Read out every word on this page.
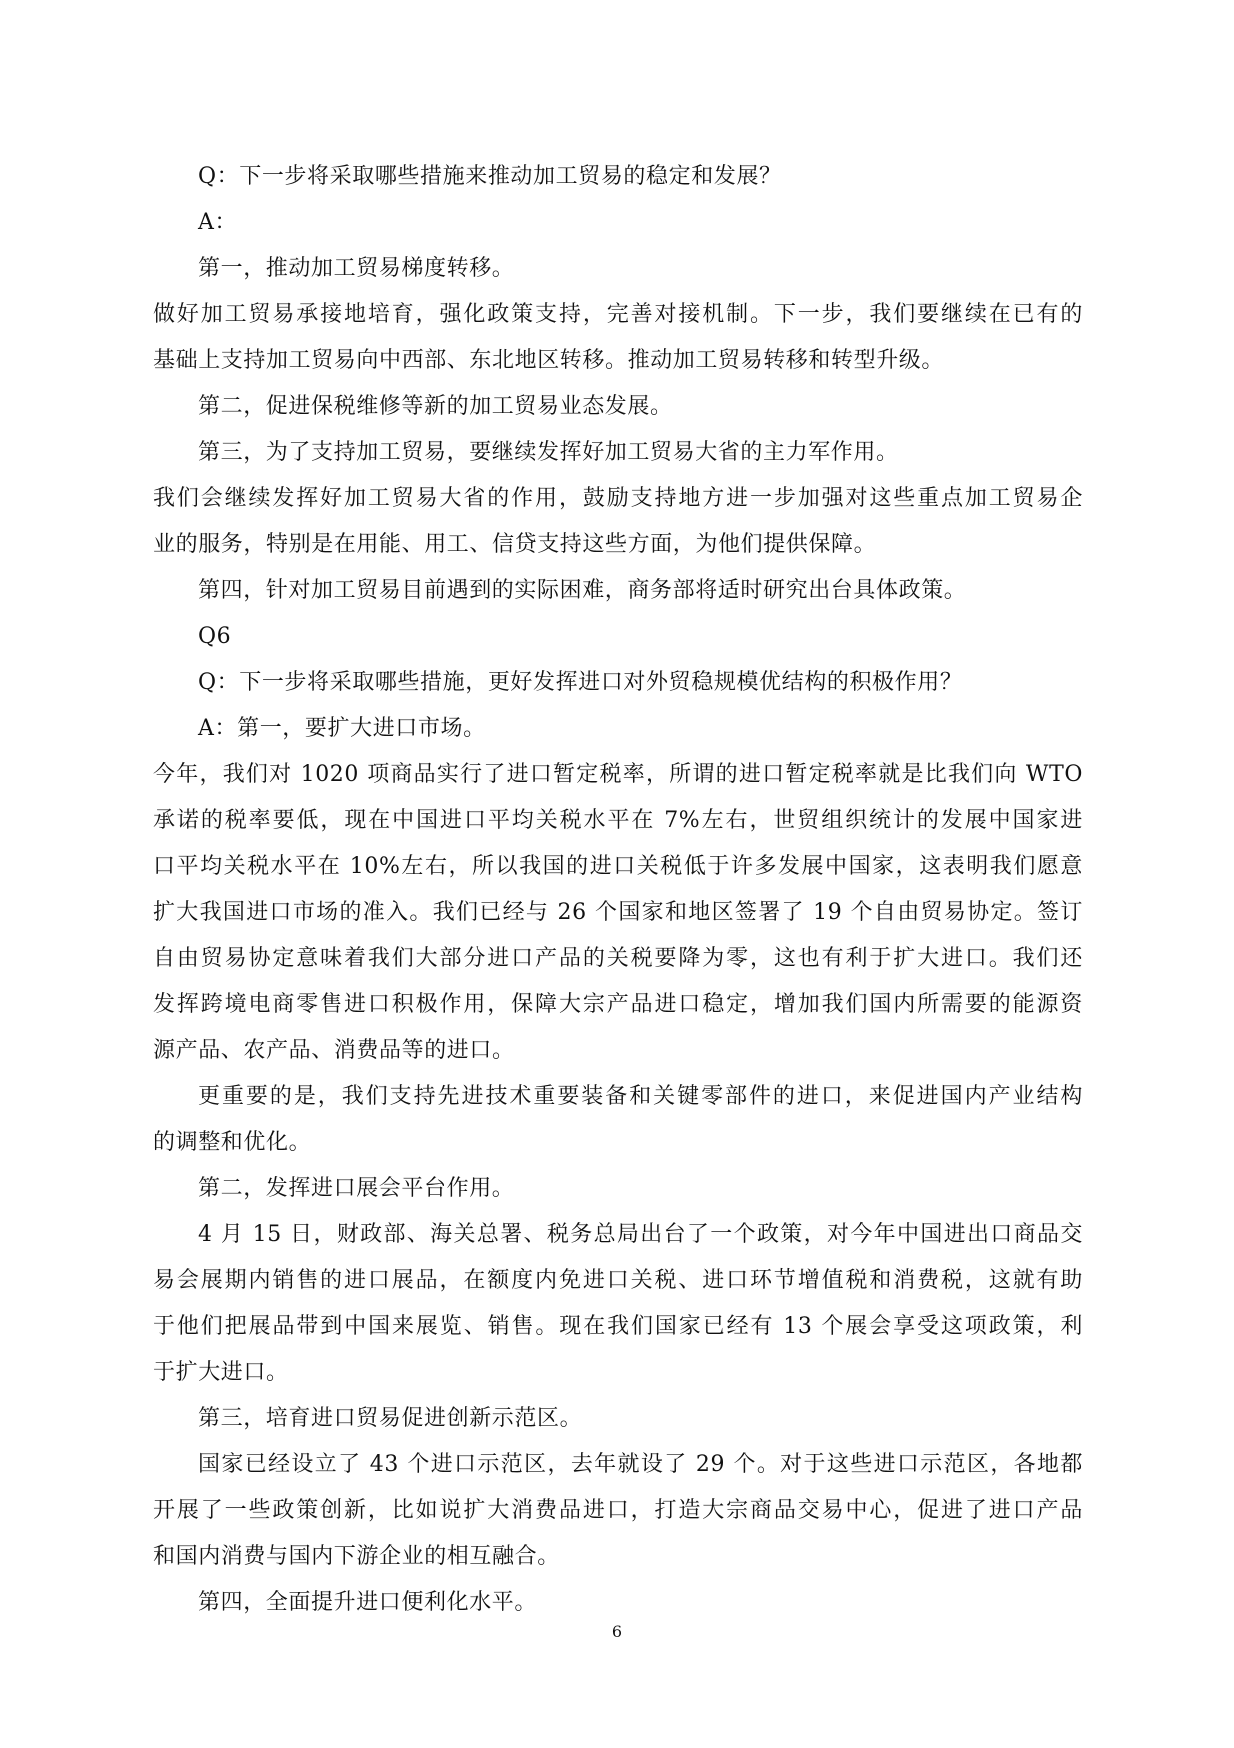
Q：下一步将采取哪些措施来推动加工贸易的稳定和发展？
A：
第一，推动加工贸易梯度转移。
做好加工贸易承接地培育，强化政策支持，完善对接机制。下一步，我们要继续在已有的
基础上支持加工贸易向中西部、东北地区转移。推动加工贸易转移和转型升级。
第二，促进保税维修等新的加工贸易业态发展。
第三，为了支持加工贸易，要继续发挥好加工贸易大省的主力军作用。
我们会继续发挥好加工贸易大省的作用，鼓励支持地方进一步加强对这些重点加工贸易企
业的服务，特别是在用能、用工、信贷支持这些方面，为他们提供保障。
第四，针对加工贸易目前遇到的实际困难，商务部将适时研究出台具体政策。
Q6
Q：下一步将采取哪些措施，更好发挥进口对外贸稳规模优结构的积极作用？
A：第一，要扩大进口市场。
今年，我们对 1020 项商品实行了进口暂定税率，所谓的进口暂定税率就是比我们向 WTO
承诺的税率要低，现在中国进口平均关税水平在 7%左右，世贸组织统计的发展中国家进
口平均关税水平在 10%左右，所以我国的进口关税低于许多发展中国家，这表明我们愿意
扩大我国进口市场的准入。我们已经与 26 个国家和地区签署了 19 个自由贸易协定。签订
自由贸易协定意味着我们大部分进口产品的关税要降为零，这也有利于扩大进口。我们还
发挥跨境电商零售进口积极作用，保障大宗产品进口稳定，增加我们国内所需要的能源资
源产品、农产品、消费品等的进口。
更重要的是，我们支持先进技术重要装备和关键零部件的进口，来促进国内产业结构
的调整和优化。
第二，发挥进口展会平台作用。
4 月 15 日，财政部、海关总署、税务总局出台了一个政策，对今年中国进出口商品交
易会展期内销售的进口展品，在额度内免进口关税、进口环节增值税和消费税，这就有助
于他们把展品带到中国来展览、销售。现在我们国家已经有 13 个展会享受这项政策，利
于扩大进口。
第三，培育进口贸易促进创新示范区。
国家已经设立了 43 个进口示范区，去年就设了 29 个。对于这些进口示范区，各地都
开展了一些政策创新，比如说扩大消费品进口，打造大宗商品交易中心，促进了进口产品
和国内消费与国内下游企业的相互融合。
第四，全面提升进口便利化水平。
6
